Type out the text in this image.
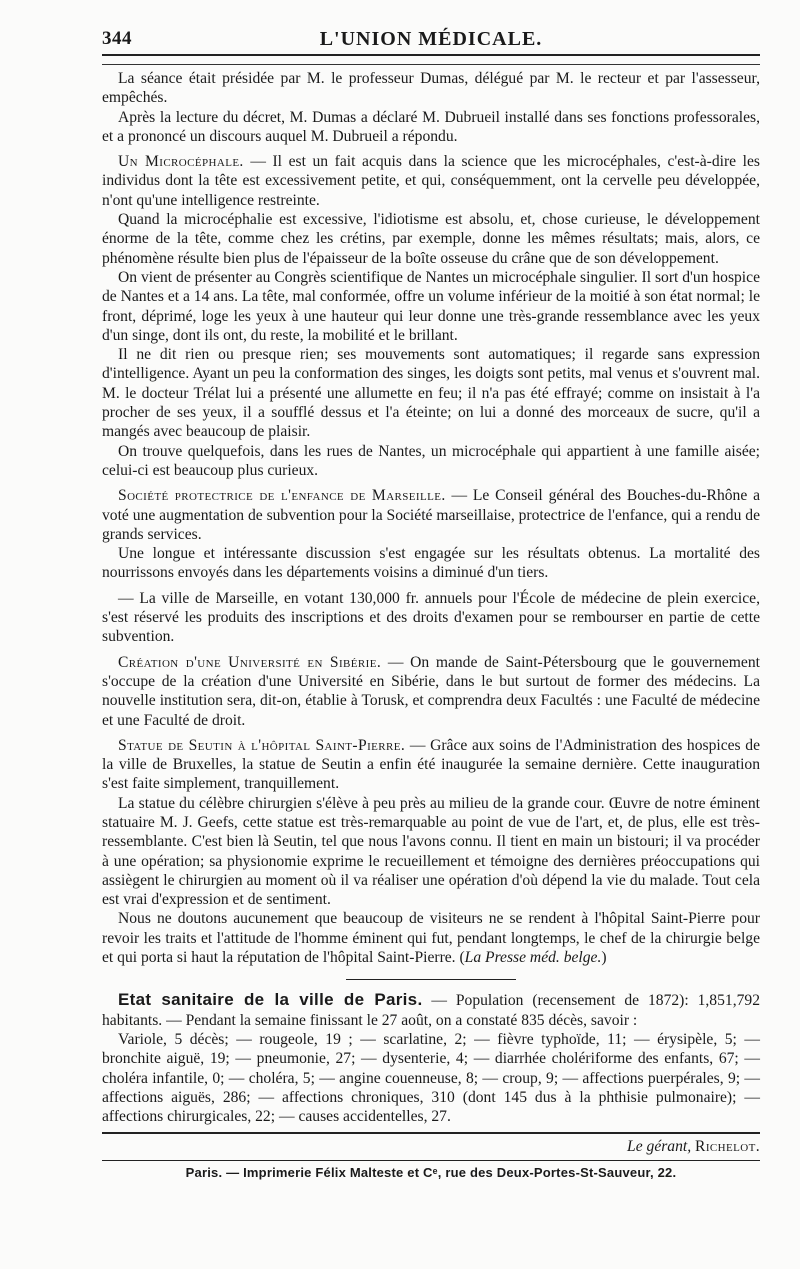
344	L'UNION MÉDICALE.

La séance était présidée par M. le professeur Dumas, délégué par M. le recteur et par l'assesseur, empêchés.

Après la lecture du décret, M. Dumas a déclaré M. Dubrueil installé dans ses fonctions professorales, et a prononcé un discours auquel M. Dubrueil a répondu.

Un Microcéphale. — Il est un fait acquis dans la science que les microcéphales, c'est-à-dire les individus dont la tête est excessivement petite, et qui, conséquemment, ont la cervelle peu développée, n'ont qu'une intelligence restreinte.

Quand la microcéphalie est excessive, l'idiotisme est absolu, et, chose curieuse, le développement énorme de la tête, comme chez les crétins, par exemple, donne les mêmes résultats; mais, alors, ce phénomène résulte bien plus de l'épaisseur de la boîte osseuse du crâne que de son développement.

On vient de présenter au Congrès scientifique de Nantes un microcéphale singulier. Il sort d'un hospice de Nantes et a 14 ans. La tête, mal conformée, offre un volume inférieur de la moitié à son état normal; le front, déprimé, loge les yeux à une hauteur qui leur donne une très-grande ressemblance avec les yeux d'un singe, dont ils ont, du reste, la mobilité et le brillant.

Il ne dit rien ou presque rien; ses mouvements sont automatiques; il regarde sans expression d'intelligence. Ayant un peu la conformation des singes, les doigts sont petits, mal venus et s'ouvrent mal. M. le docteur Trélat lui a présenté une allumette en feu; il n'a pas été effrayé; comme on insistait à l'a procher de ses yeux, il a soufflé dessus et l'a éteinte; on lui a donné des morceaux de sucre, qu'il a mangés avec beaucoup de plaisir.

On trouve quelquefois, dans les rues de Nantes, un microcéphale qui appartient à une famille aisée; celui-ci est beaucoup plus curieux.

Société protectrice de l'enfance de Marseille. — Le Conseil général des Bouches-du-Rhône a voté une augmentation de subvention pour la Société marseillaise, protectrice de l'enfance, qui a rendu de grands services.

Une longue et intéressante discussion s'est engagée sur les résultats obtenus. La mortalité des nourrissons envoyés dans les départements voisins a diminué d'un tiers.

— La ville de Marseille, en votant 130,000 fr. annuels pour l'École de médecine de plein exercice, s'est réservé les produits des inscriptions et des droits d'examen pour se rembourser en partie de cette subvention.

Création d'une Université en Sibérie. — On mande de Saint-Pétersbourg que le gouvernement s'occupe de la création d'une Université en Sibérie, dans le but surtout de former des médecins. La nouvelle institution sera, dit-on, établie à Torusk, et comprendra deux Facultés : une Faculté de médecine et une Faculté de droit.

Statue de Seutin à l'hôpital Saint-Pierre. — Grâce aux soins de l'Administration des hospices de la ville de Bruxelles, la statue de Seutin a enfin été inaugurée la semaine dernière. Cette inauguration s'est faite simplement, tranquillement.

La statue du célèbre chirurgien s'élève à peu près au milieu de la grande cour. Œuvre de notre éminent statuaire M. J. Geefs, cette statue est très-remarquable au point de vue de l'art, et, de plus, elle est très-ressemblante. C'est bien là Seutin, tel que nous l'avons connu. Il tient en main un bistouri; il va procéder à une opération; sa physionomie exprime le recueillement et témoigne des dernières préoccupations qui assiègent le chirurgien au moment où il va réaliser une opération d'où dépend la vie du malade. Tout cela est vrai d'expression et de sentiment.

Nous ne doutons aucunement que beaucoup de visiteurs ne se rendent à l'hôpital Saint-Pierre pour revoir les traits et l'attitude de l'homme éminent qui fut, pendant longtemps, le chef de la chirurgie belge et qui porta si haut la réputation de l'hôpital Saint-Pierre. (La Presse méd. belge.)

Etat sanitaire de la ville de Paris. — Population (recensement de 1872): 1,851,792 habitants. — Pendant la semaine finissant le 27 août, on a constaté 835 décès, savoir :

Variole, 5 décès; — rougeole, 19 ; — scarlatine, 2; — fièvre typhoïde, 11; — érysipèle, 5; — bronchite aiguë, 19; — pneumonie, 27; — dysenterie, 4; — diarrhée cholériforme des enfants, 67; — choléra infantile, 0; — choléra, 5; — angine couenneuse, 8; — croup, 9; — affections puerpérales, 9; — affections aiguës, 286; — affections chroniques, 310 (dont 145 dus à la phthisie pulmonaire); — affections chirurgicales, 22; — causes accidentelles, 27.

Le gérant, Richelot.
Paris. — Imprimerie Félix Malteste et Cᵉ, rue des Deux-Portes-St-Sauveur, 22.
